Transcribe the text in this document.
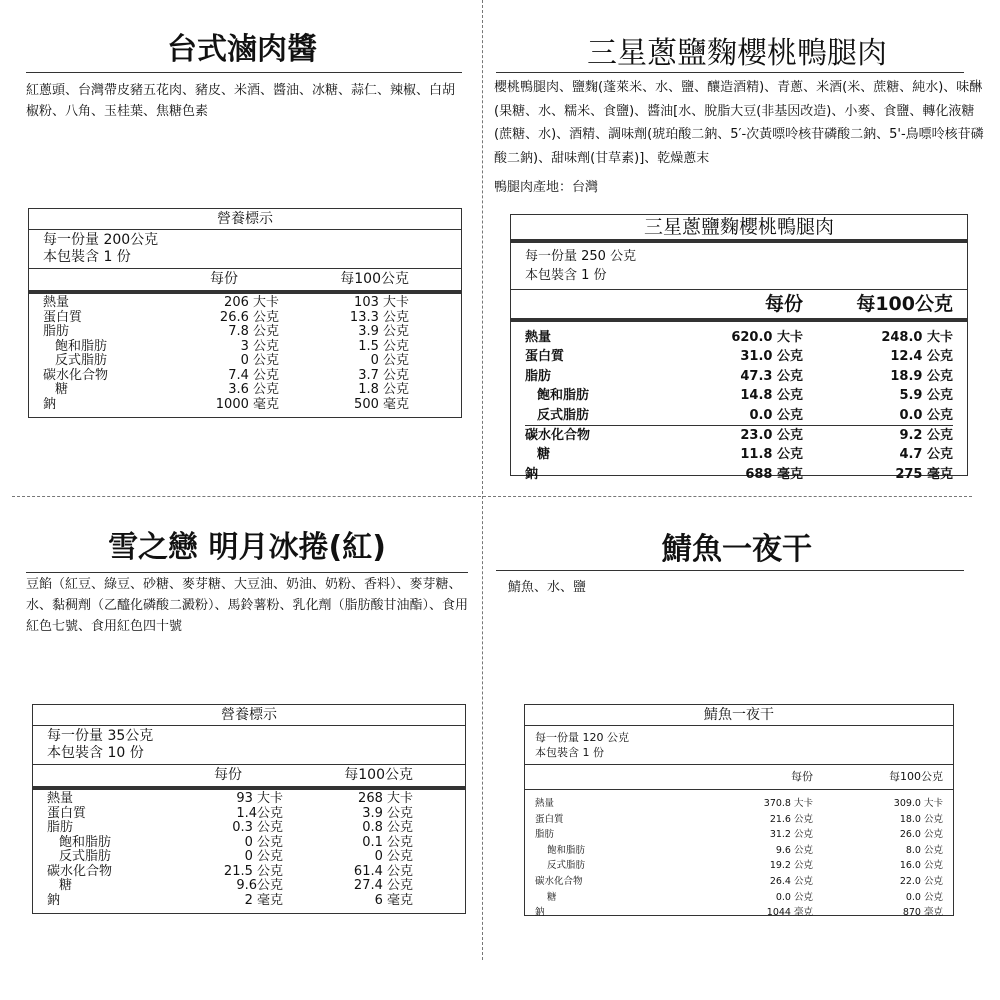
台式滷肉醬
紅蔥頭、台灣帶皮豬五花肉、豬皮、米酒、醬油、冰糖、蒜仁、辣椒、白胡椒粉、八角、玉桂葉、焦糖色素
營養標示
每一份量 200公克
本包裝含 1 份
每份	每100公克
熱量	206 大卡	103 大卡
蛋白質	26.6 公克	13.3 公克
脂肪	7.8 公克	3.9 公克
飽和脂肪	3 公克	1.5 公克
反式脂肪	0 公克	0 公克
碳水化合物	7.4 公克	3.7 公克
糖	3.6 公克	1.8 公克
鈉	1000 毫克	500 毫克
三星蔥鹽麴櫻桃鴨腿肉
櫻桃鴨腿肉、鹽麴(蓬萊米、水、鹽、釀造酒精)、青蔥、米酒(米、蔗糖、純水)、味醂(果糖、水、糯米、食鹽)、醬油[水、脫脂大豆(非基因改造)、小麥、食鹽、轉化液糖(蔗糖、水)、酒精、調味劑(琥珀酸二鈉、5′-次黃嘌呤核苷磷酸二鈉、5'-鳥嘌呤核苷磷酸二鈉)、甜味劑(甘草素)]、乾燥蔥末
鴨腿肉產地：台灣
三星蔥鹽麴櫻桃鴨腿肉
每一份量 250 公克
本包裝含 1 份
每份	每100公克
熱量	620.0 大卡	248.0 大卡
蛋白質	31.0 公克	12.4 公克
脂肪	47.3 公克	18.9 公克
飽和脂肪	14.8 公克	5.9 公克
反式脂肪	0.0 公克	0.0 公克
碳水化合物	23.0 公克	9.2 公克
糖	11.8 公克	4.7 公克
鈉	688 毫克	275 毫克
雪之戀 明月冰捲(紅)
豆餡（紅豆、綠豆、砂糖、麥芽糖、大豆油、奶油、奶粉、香料）、麥芽糖、水、黏稠劑（乙醯化磷酸二澱粉）、馬鈴薯粉、乳化劑（脂肪酸甘油酯）、食用紅色七號、食用紅色四十號
營養標示
每一份量 35公克
本包裝含 10 份
每份	每100公克
熱量	93 大卡	268 大卡
蛋白質	1.4公克	3.9 公克
脂肪	0.3 公克	0.8 公克
飽和脂肪	0 公克	0.1 公克
反式脂肪	0 公克	0 公克
碳水化合物	21.5 公克	61.4 公克
糖	9.6公克	27.4 公克
鈉	2 毫克	6 毫克
鯖魚一夜干
鯖魚、水、鹽
鯖魚一夜干
每一份量 120 公克
本包裝含 1 份
每份	每100公克
熱量	370.8 大卡	309.0 大卡
蛋白質	21.6 公克	18.0 公克
脂肪	31.2 公克	26.0 公克
飽和脂肪	9.6 公克	8.0 公克
反式脂肪	19.2 公克	16.0 公克
碳水化合物	26.4 公克	22.0 公克
糖	0.0 公克	0.0 公克
鈉	1044 毫克	870 毫克
